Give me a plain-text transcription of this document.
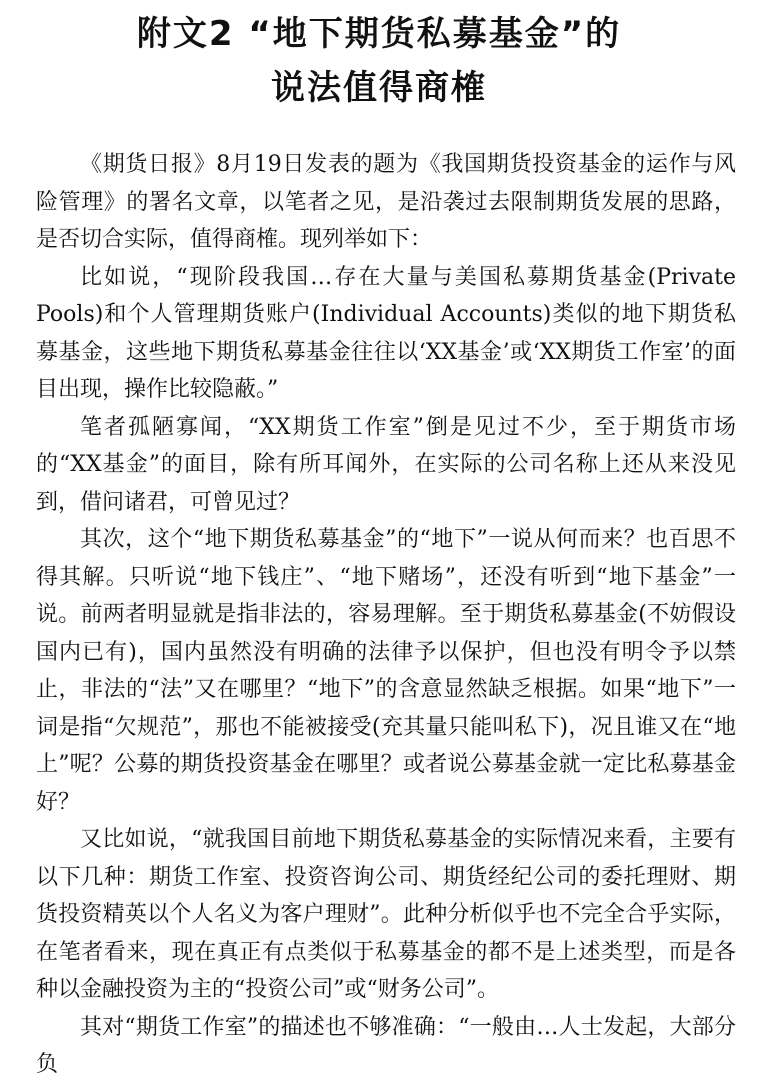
附文2 “地下期货私募基金”的
说法值得商榷

《期货日报》8月19日发表的题为《我国期货投资基金的运作与风险管理》的署名文章，以笔者之见，是沿袭过去限制期货发展的思路，是否切合实际，值得商榷。现列举如下：

比如说，“现阶段我国…存在大量与美国私募期货基金(Private Pools)和个人管理期货账户(Individual Accounts)类似的地下期货私募基金，这些地下期货私募基金往往以‘XX基金’或‘XX期货工作室’的面目出现，操作比较隐蔽。”

笔者孤陋寡闻，“XX期货工作室”倒是见过不少，至于期货市场的“XX基金”的面目，除有所耳闻外，在实际的公司名称上还从来没见到，借问诸君，可曾见过？

其次，这个“地下期货私募基金”的“地下”一说从何而来？也百思不得其解。只听说“地下钱庄”、“地下赌场”，还没有听到“地下基金”一说。前两者明显就是指非法的，容易理解。至于期货私募基金(不妨假设国内已有)，国内虽然没有明确的法律予以保护，但也没有明令予以禁止，非法的“法”又在哪里？“地下”的含意显然缺乏根据。如果“地下”一词是指“欠规范”，那也不能被接受(充其量只能叫私下)，况且谁又在“地上”呢？公募的期货投资基金在哪里？或者说公募基金就一定比私募基金好？

又比如说，“就我国目前地下期货私募基金的实际情况来看，主要有以下几种：期货工作室、投资咨询公司、期货经纪公司的委托理财、期货投资精英以个人名义为客户理财”。此种分析似乎也不完全合乎实际，在笔者看来，现在真正有点类似于私募基金的都不是上述类型，而是各种以金融投资为主的“投资公司”或“财务公司”。

其对“期货工作室”的描述也不够准确：“一般由…人士发起，大部分负
